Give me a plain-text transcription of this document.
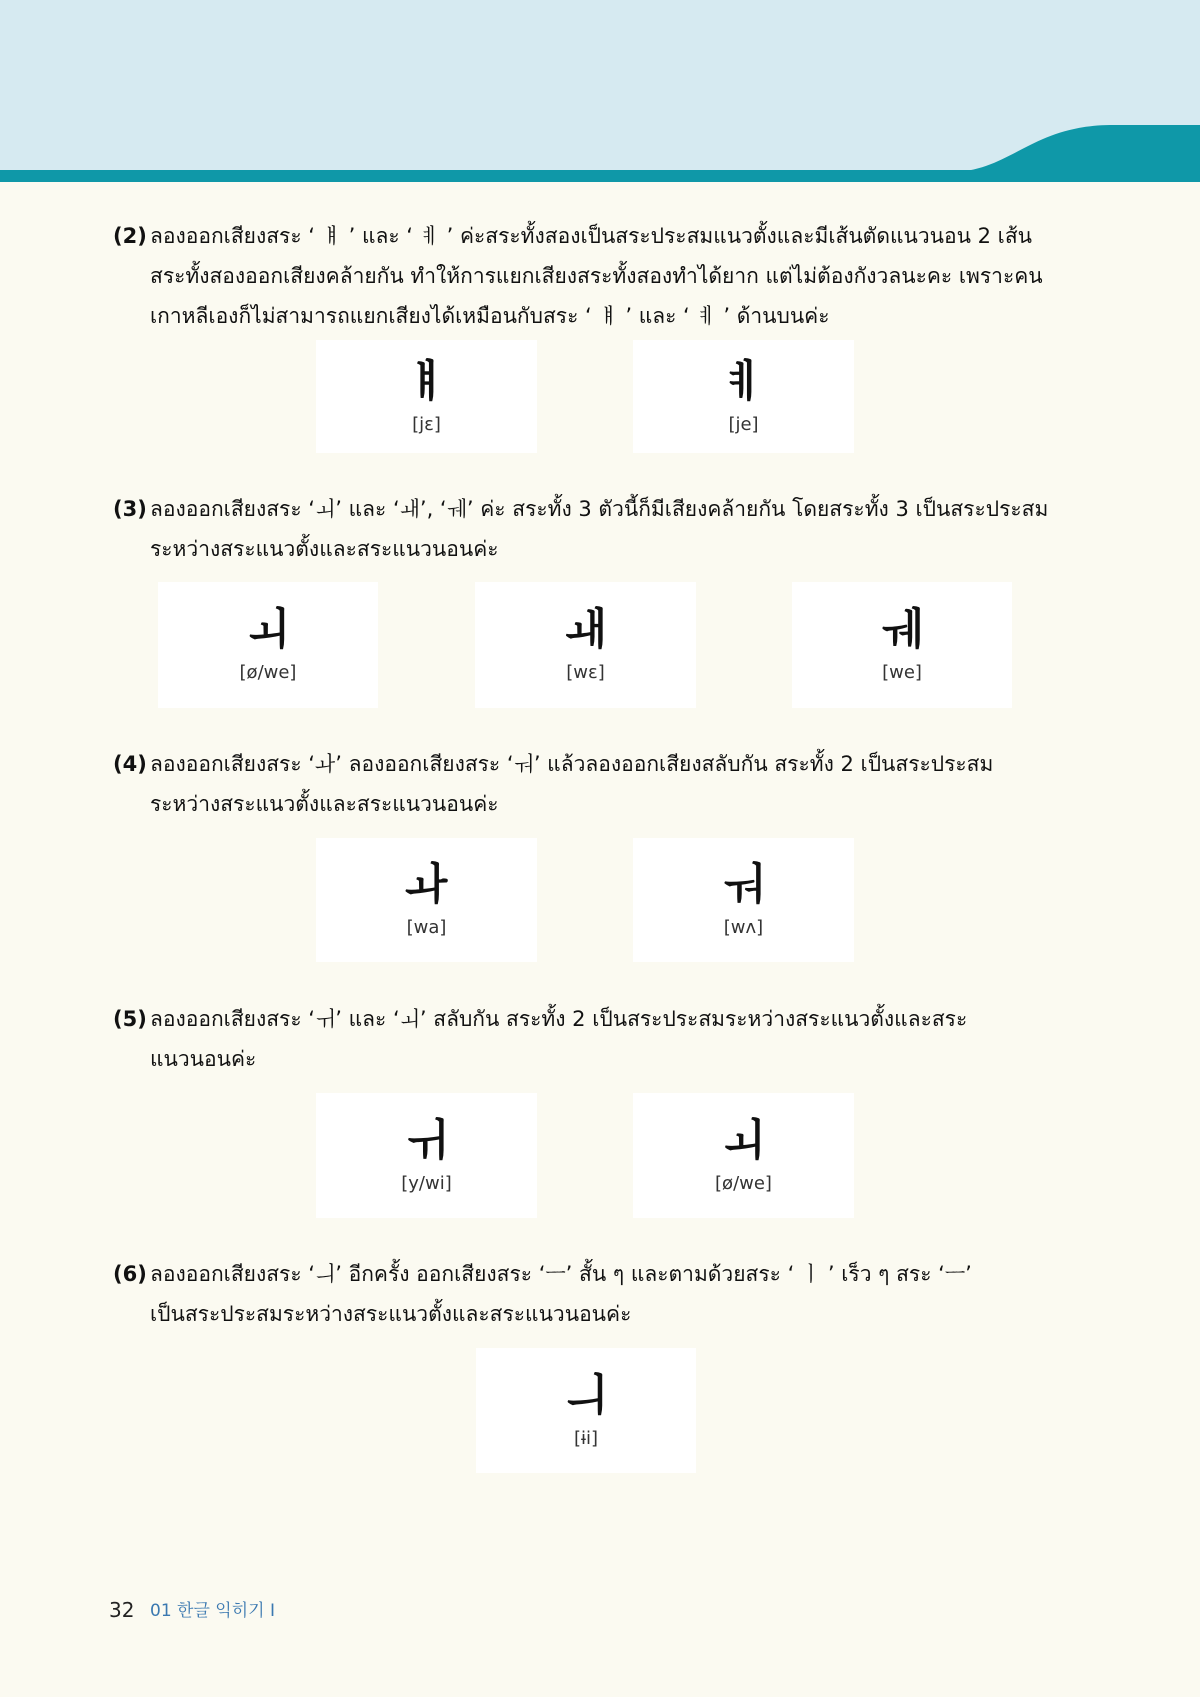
(2) ลองออกเสียงสระ ‘ ㅒ ’ และ ‘ ㅖ ’ ค่ะสระทั้งสองเป็นสระประสมแนวตั้งและมีเส้นตัดแนวนอน 2 เส้น
สระทั้งสองออกเสียงคล้ายกัน ทำให้การแยกเสียงสระทั้งสองทำได้ยาก แต่ไม่ต้องกังวลนะคะ เพราะคน
เกาหลีเองก็ไม่สามารถแยกเสียงได้เหมือนกับสระ ‘ ㅒ ’ และ ‘ ㅖ ’ ด้านบนค่ะ
ㅒ
[jɛ]
ㅖ
[je]
(3) ลองออกเสียงสระ ‘ㅚ’ และ ‘ㅙ’, ‘ㅞ’ ค่ะ สระทั้ง 3 ตัวนี้ก็มีเสียงคล้ายกัน โดยสระทั้ง 3 เป็นสระประสม
ระหว่างสระแนวตั้งและสระแนวนอนค่ะ
ㅚ
[ø/we]
ㅙ
[wɛ]
ㅞ
[we]
(4) ลองออกเสียงสระ ‘ㅘ’ ลองออกเสียงสระ ‘ㅝ’ แล้วลองออกเสียงสลับกัน สระทั้ง 2 เป็นสระประสม
ระหว่างสระแนวตั้งและสระแนวนอนค่ะ
ㅘ
[wa]
ㅝ
[wʌ]
(5) ลองออกเสียงสระ ‘ㅟ’ และ ‘ㅚ’ สลับกัน สระทั้ง 2 เป็นสระประสมระหว่างสระแนวตั้งและสระ
แนวนอนค่ะ
ㅟ
[y/wi]
ㅚ
[ø/we]
(6) ลองออกเสียงสระ ‘ㅢ’ อีกครั้ง ออกเสียงสระ ‘ㅡ’ สั้น ๆ และตามด้วยสระ ‘ ㅣ ’ เร็ว ๆ สระ ‘ㅡ’
เป็นสระประสมระหว่างสระแนวตั้งและสระแนวนอนค่ะ
ㅢ
[ɨi]
32 01 한글 익히기 I
